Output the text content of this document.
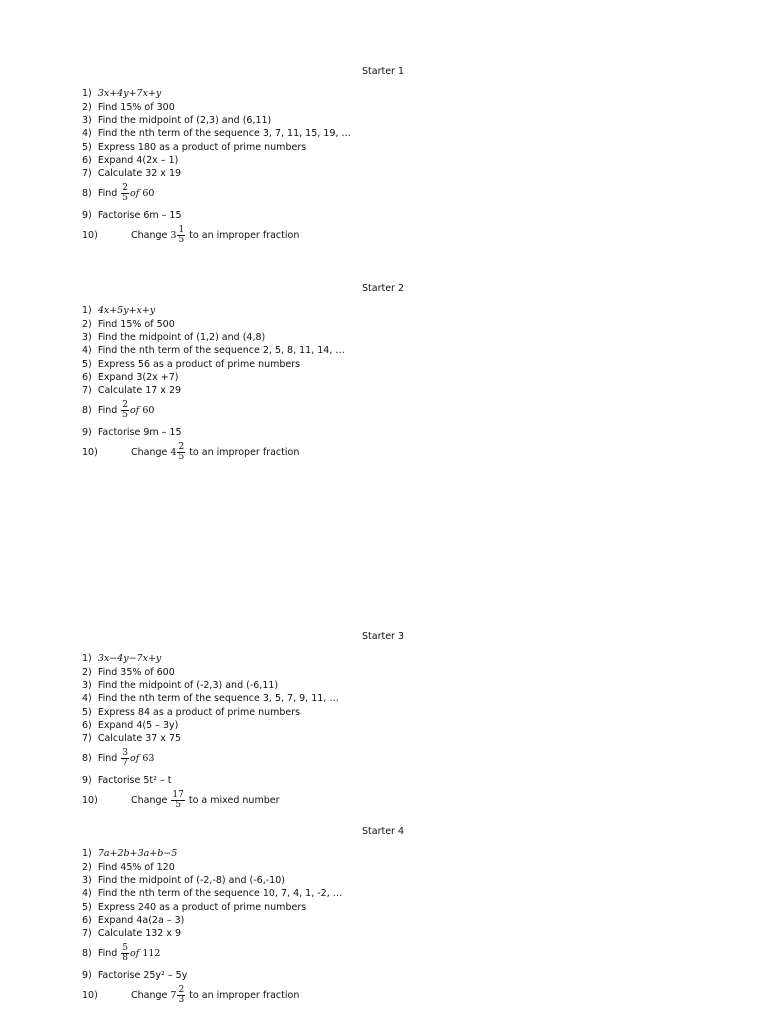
Starter 1
1) 3x+4y+7x+y
2) Find 15% of 300
3) Find the midpoint of (2,3) and (6,11)
4) Find the nth term of the sequence 3, 7, 11, 15, 19, …
5) Express 180 as a product of prime numbers
6) Expand 4(2x – 1)
7) Calculate 32 x 19
8) Find $\frac{2}{5}$ of 60
9) Factorise 6m – 15
10)	Change $3 \frac{1}{5}$ to an improper fraction
Starter 2
1) 4x+5y+x+y
2) Find 15% of 500
3) Find the midpoint of (1,2) and (4,8)
4) Find the nth term of the sequence 2, 5, 8, 11, 14, …
5) Express 56 as a product of prime numbers
6) Expand 3(2x +7)
7) Calculate 17 x 29
8) Find $\frac{2}{5}$ of 60
9) Factorise 9m – 15
10)	Change $4 \frac{2}{5}$ to an improper fraction
Starter 3
1) 3x−4y−7x+y
2) Find 35% of 600
3) Find the midpoint of (-2,3) and (-6,11)
4) Find the nth term of the sequence 3, 5, 7, 9, 11, …
5) Express 84 as a product of prime numbers
6) Expand 4(5 – 3y)
7) Calculate 37 x 75
8) Find $\frac{3}{7}$ of 63
9) Factorise 5t² – t
10)	Change $\frac{17}{5}$ to a mixed number
Starter 4
1) 7a+2b+3a+b−5
2) Find 45% of 120
3) Find the midpoint of (-2,-8) and (-6,-10)
4) Find the nth term of the sequence 10, 7, 4, 1, -2, …
5) Express 240 as a product of prime numbers
6) Expand 4a(2a – 3)
7) Calculate 132 x 9
8) Find $\frac{5}{8}$ of 112
9) Factorise 25y² – 5y
10)	Change $7 \frac{2}{3}$ to an improper fraction
